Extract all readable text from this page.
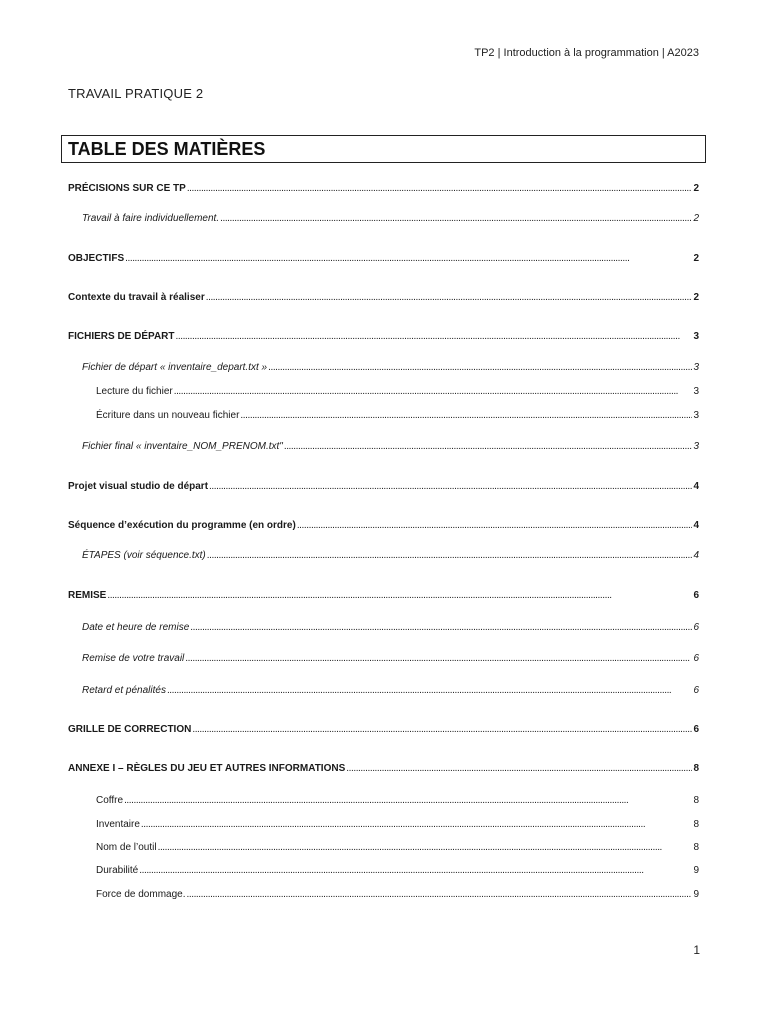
TP2 | Introduction à la programmation | A2023
TRAVAIL PRATIQUE 2
TABLE DES MATIÈRES
PRÉCISIONS SUR CE TP . . .	2
Travail à faire individuellement. . . .	2
OBJECTIFS . . .	2
Contexte du travail à réaliser . . .	2
FICHIERS DE DÉPART . . .	3
Fichier de départ « inventaire_depart.txt » . . .	3
Lecture du fichier . . .	3
Écriture dans un nouveau fichier . . .	3
Fichier final « inventaire_NOM_PRENOM.txt" . . .	3
Projet visual studio de départ . . .	4
Séquence d’exécution du programme (en ordre) . . .	4
ÉTAPES (voir séquence.txt) . . .	4
REMISE . . .	6
Date et heure de remise . . .	6
Remise de votre travail . . .	6
Retard et pénalités . . .	6
GRILLE DE CORRECTION . . .	6
ANNEXE I – RÈGLES DU JEU ET AUTRES INFORMATIONS . . .	8
Coffre . . .	8
Inventaire . . .	8
Nom de l’outil . . .	8
Durabilité . . .	9
Force de dommage. . . .	9
1
